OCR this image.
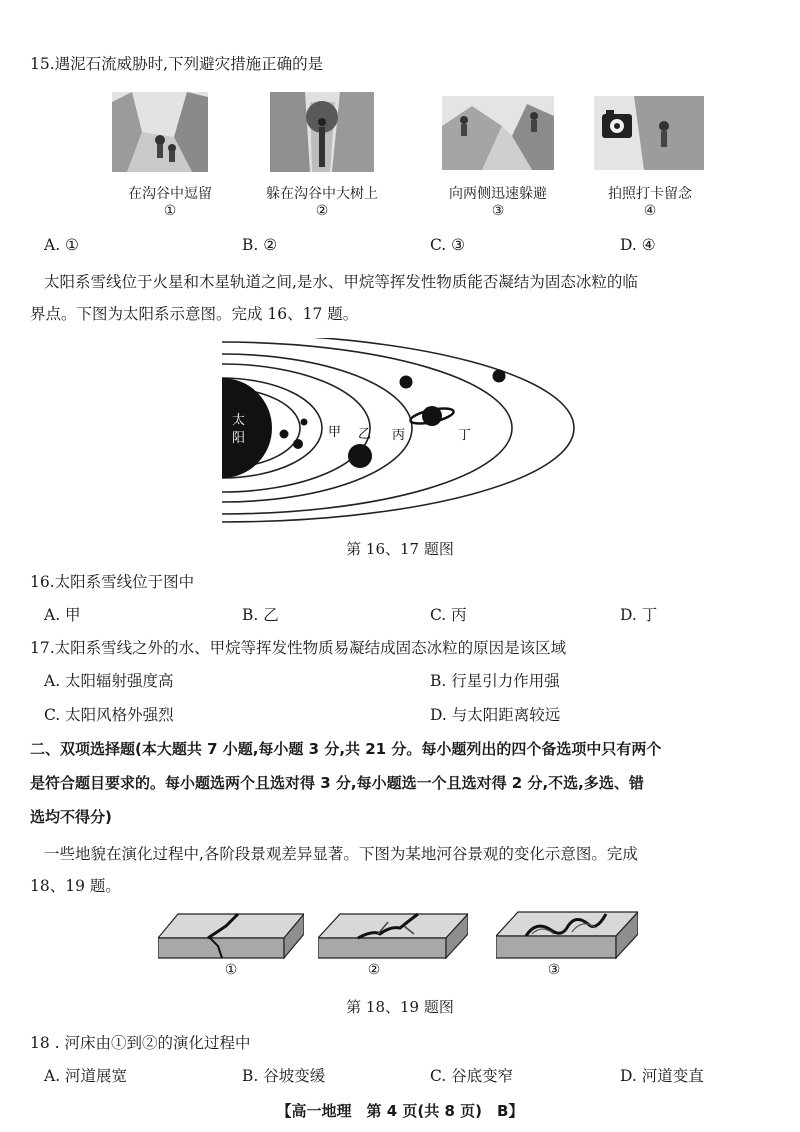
15.遇泥石流威胁时,下列避灾措施正确的是
在沟谷中逗留
①
躲在沟谷中大树上
②
向两侧迅速躲避
③
拍照打卡留念
④
A. ①	B. ②	C. ③	D. ④
太阳系雪线位于火星和木星轨道之间,是水、甲烷等挥发性物质能否凝结为固态冰粒的临
界点。下图为太阳系示意图。完成 16、17 题。
太
阳	甲 乙 丙	丁
第 16、17 题图
16.太阳系雪线位于图中
A. 甲	B. 乙	C. 丙	D. 丁
17.太阳系雪线之外的水、甲烷等挥发性物质易凝结成固态冰粒的原因是该区域
A. 太阳辐射强度高	B. 行星引力作用强
C. 太阳风格外强烈	D. 与太阳距离较远
二、双项选择题(本大题共 7 小题,每小题 3 分,共 21 分。每小题列出的四个备选项中只有两个
是符合题目要求的。每小题选两个且选对得 3 分,每小题选一个且选对得 2 分,不选,多选、错
选均不得分)
一些地貌在演化过程中,各阶段景观差异显著。下图为某地河谷景观的变化示意图。完成
18、19 题。
①	②	③
第 18、19 题图
18 . 河床由①到②的演化过程中
A. 河道展宽	B. 谷坡变缓	C. 谷底变窄	D. 河道变直
【高一地理　第 4 页(共 8 页)　B】
